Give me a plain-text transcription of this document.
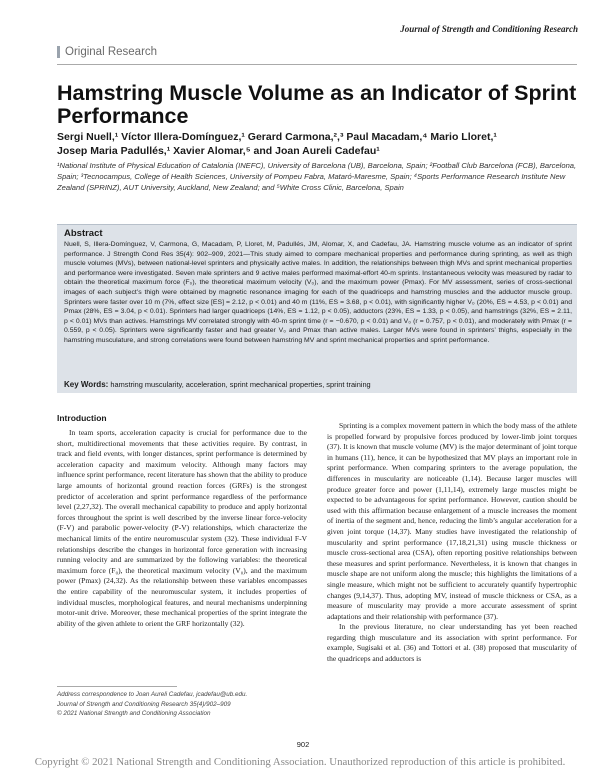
Journal of Strength and Conditioning Research
Original Research
Hamstring Muscle Volume as an Indicator of Sprint Performance
Sergi Nuell,¹ Víctor Illera-Domínguez,¹ Gerard Carmona,²,³ Paul Macadam,⁴ Mario Lloret,¹
Josep Maria Padullés,¹ Xavier Alomar,⁵ and Joan Aureli Cadefau¹
¹National Institute of Physical Education of Catalonia (INEFC), University of Barcelona (UB), Barcelona, Spain; ²Football Club Barcelona (FCB), Barcelona, Spain; ³Tecnocampus, College of Health Sciences, University of Pompeu Fabra, Mataró-Maresme, Spain; ⁴Sports Performance Research Institute New Zealand (SPRINZ), AUT University, Auckland, New Zealand; and ⁵White Cross Clinic, Barcelona, Spain
Abstract
Nuell, S, Illera-Domínguez, V, Carmona, G, Macadam, P, Lloret, M, Padullés, JM, Alomar, X, and Cadefau, JA. Hamstring muscle volume as an indicator of sprint performance. J Strength Cond Res 35(4): 902–909, 2021—This study aimed to compare mechanical properties and performance during sprinting, as well as thigh muscle volumes (MVs), between national-level sprinters and physically active males. In addition, the relationships between thigh MVs and sprint mechanical properties and performance were investigated. Seven male sprinters and 9 active males performed maximal-effort 40-m sprints. Instantaneous velocity was measured by radar to obtain the theoretical maximum force (F₀), the theoretical maximum velocity (V₀), and the maximum power (Pmax). For MV assessment, series of cross-sectional images of each subject’s thigh were obtained by magnetic resonance imaging for each of the quadriceps and hamstring muscles and the adductor muscle group. Sprinters were faster over 10 m (7%, effect size [ES] = 2.12, p < 0.01) and 40 m (11%, ES = 3.68, p < 0.01), with significantly higher V₀ (20%, ES = 4.53, p < 0.01) and Pmax (28%, ES = 3.04, p < 0.01). Sprinters had larger quadriceps (14%, ES = 1.12, p < 0.05), adductors (23%, ES = 1.33, p < 0.05), and hamstrings (32%, ES = 2.11, p < 0.01) MVs than actives. Hamstrings MV correlated strongly with 40-m sprint time (r = −0.670, p < 0.01) and V₀ (r = 0.757, p < 0.01), and moderately with Pmax (r = 0.559, p < 0.05). Sprinters were significantly faster and had greater V₀ and Pmax than active males. Larger MVs were found in sprinters’ thighs, especially in the hamstring musculature, and strong correlations were found between hamstring MV and sprint mechanical properties and sprint performance.
Key Words: hamstring muscularity, acceleration, sprint mechanical properties, sprint training
Introduction

In team sports, acceleration capacity is crucial for performance due to the short, multidirectional movements that these activities require. By contrast, in track and field events, with longer distances, sprint performance is determined by acceleration capacity and maximum velocity. Although many factors may influence sprint performance, recent literature has shown that the ability to produce large amounts of horizontal ground reaction forces (GRFs) is the strongest predictor of acceleration and sprint performance regardless of the performance level (2,27,32). The overall mechanical capability to produce and apply horizontal forces throughout the sprint is well described by the inverse linear force-velocity (F-V) and parabolic power-velocity (P-V) relationships, which characterize the mechanical limits of the entire neuromuscular system (32). These individual F-V relationships describe the changes in horizontal force generation with increasing running velocity and are summarized by the following variables: the theoretical maximum force (F₀), the theoretical maximum velocity (V₀), and the maximum power (Pmax) (24,32). As the relationship between these variables encompasses the entire capability of the neuromuscular system, it includes properties of individual muscles, morphological features, and neural mechanisms underpinning motor-unit drive. Moreover, these mechanical properties of the sprint integrate the ability of the given athlete to orient the GRF horizontally (32).

Sprinting is a complex movement pattern in which the body mass of the athlete is propelled forward by propulsive forces produced by lower-limb joint torques (37). It is known that muscle volume (MV) is the major determinant of joint torque in humans (11), hence, it can be hypothesized that MV plays an important role in sprint performance. When comparing sprinters to the average population, the differences in muscularity are noticeable (1,14). Because larger muscles will produce greater force and power (1,11,14), extremely large muscles might be expected to be advantageous for sprint performance. However, caution should be used with this affirmation because enlargement of a muscle increases the moment of inertia of the segment and, hence, reducing the limb’s angular acceleration for a given joint torque (14,37). Many studies have investigated the relationship of muscularity and sprint performance (17,18,21,31) using muscle thickness or muscle cross-sectional area (CSA), often reporting positive relationships between these measures and sprint performance. Nevertheless, it is known that changes in muscle shape are not uniform along the muscle; this highlights the limitations of a single measure, which might not be sufficient to accurately quantify hypertrophic changes (9,14,37). Thus, adopting MV, instead of muscle thickness or CSA, as a measure of muscularity may provide a more accurate assessment of sprint adaptations and their relationship with performance (37).

In the previous literature, no clear understanding has yet been reached regarding thigh musculature and its association with sprint performance. For example, Sugisaki et al. (36) and Tottori et al. (38) proposed that muscularity of the quadriceps and adductors is

Address correspondence to Joan Aureli Cadefau, jcadefau@ub.edu.
Journal of Strength and Conditioning Research 35(4)/902–909
© 2021 National Strength and Conditioning Association
902
Copyright © 2021 National Strength and Conditioning Association. Unauthorized reproduction of this article is prohibited.
